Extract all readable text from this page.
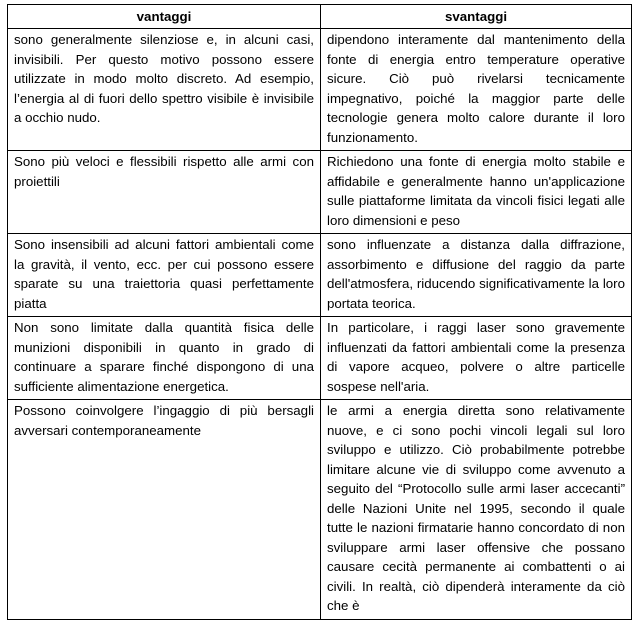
vantaggi	svantaggi
sono generalmente silenziose e, in alcuni casi, invisibili. Per questo motivo possono essere utilizzate in modo molto discreto. Ad esempio, l’energia al di fuori dello spettro visibile è invisibile a occhio nudo.	dipendono interamente dal mantenimento della fonte di energia entro temperature operative sicure. Ciò può rivelarsi tecnicamente impegnativo, poiché la maggior parte delle tecnologie genera molto calore durante il loro funzionamento.
Sono più veloci e flessibili rispetto alle armi con proiettili	Richiedono una fonte di energia molto stabile e affidabile e generalmente hanno un'applicazione sulle piattaforme limitata da vincoli fisici legati alle loro dimensioni e peso
Sono insensibili ad alcuni fattori ambientali come la gravità, il vento, ecc. per cui possono essere sparate su una traiettoria quasi perfettamente piatta	sono influenzate a distanza dalla diffrazione, assorbimento e diffusione del raggio da parte dell'atmosfera, riducendo significativamente la loro portata teorica.
Non sono limitate dalla quantità fisica delle munizioni disponibili in quanto in grado di continuare a sparare finché dispongono di una sufficiente alimentazione energetica.	In particolare, i raggi laser sono gravemente influenzati da fattori ambientali come la presenza di vapore acqueo, polvere o altre particelle sospese nell'aria.
Possono coinvolgere l’ingaggio di più bersagli avversari contemporaneamente	le armi a energia diretta sono relativamente nuove, e ci sono pochi vincoli legali sul loro sviluppo e utilizzo. Ciò probabilmente potrebbe limitare alcune vie di sviluppo come avvenuto a seguito del “Protocollo sulle armi laser accecanti” delle Nazioni Unite nel 1995, secondo il quale tutte le nazioni firmatarie hanno concordato di non sviluppare armi laser offensive che possano causare cecità permanente ai combattenti o ai civili. In realtà, ciò dipenderà interamente da ciò che è
